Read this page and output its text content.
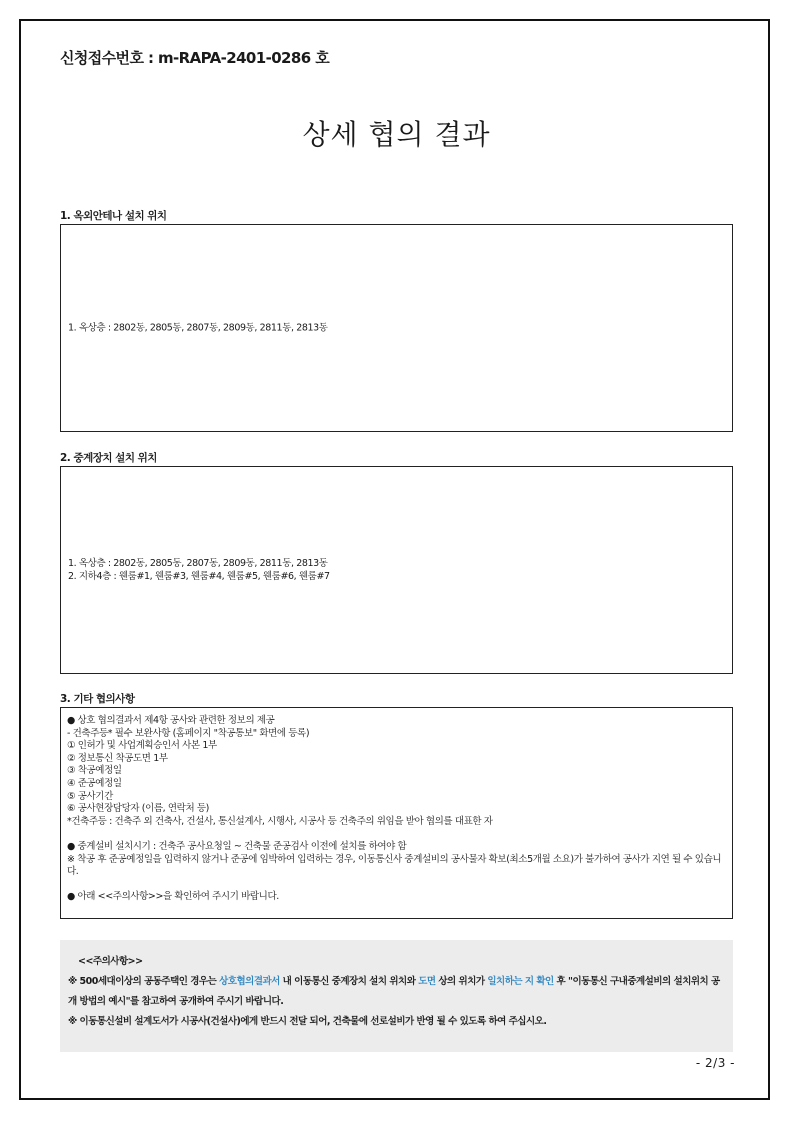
신청접수번호 : m-RAPA-2401-0286 호
상세 협의 결과
1. 옥외안테나 설치 위치
1. 옥상층 : 2802동, 2805동, 2807동, 2809동, 2811동, 2813동
2. 중계장치 설치 위치
1. 옥상층 : 2802동, 2805동, 2807동, 2809동, 2811동, 2813동
2. 지하4층 : 웬룸#1, 웬룸#3, 웬룸#4, 웬룸#5, 웬룸#6, 웬룸#7
3. 기타 협의사항
● 상호 협의결과서 제4항 공사와 관련한 정보의 제공
- 건축주등* 필수 보완사항 (홈페이지 "착공통보" 화면에 등록)
① 인허가 및 사업계획승인서 사본 1부
② 정보통신 착공도면 1부
③ 착공예정일
④ 준공예정일
⑤ 공사기간
⑥ 공사현장담당자 (이름, 연락처 등)
*건축주등 : 건축주 외 건축사, 건설사, 통신설계사, 시행사, 시공사 등 건축주의 위임을 받아 협의를 대표한 자
● 중계설비 설치시기 : 건축주 공사요청일 ~ 건축물 준공검사 이전에 설치를 하여야 함
※ 착공 후 준공예정일을 입력하지 않거나 준공에 임박하여 입력하는 경우, 이동통신사 중계설비의 공사물자 확보(최소5개월 소요)가 불가하여 공사가 지연 될 수 있습니다.
● 아래 <<주의사항>>을 확인하여 주시기 바랍니다.
<<주의사항>>
※ 500세대이상의 공동주택인 경우는 상호협의결과서 내 이동통신 중계장치 설치 위치와 도면 상의 위치가 일치하는 지 확인 후 "이동통신 구내중계설비의 설치위치 공개 방법의 예시"를 참고하여 공개하여 주시기 바랍니다.
※ 이동통신설비 설계도서가 시공사(건설사)에게 반드시 전달 되어, 건축물에 선로설비가 반영 될 수 있도록 하여 주십시오.
- 2/3 -
